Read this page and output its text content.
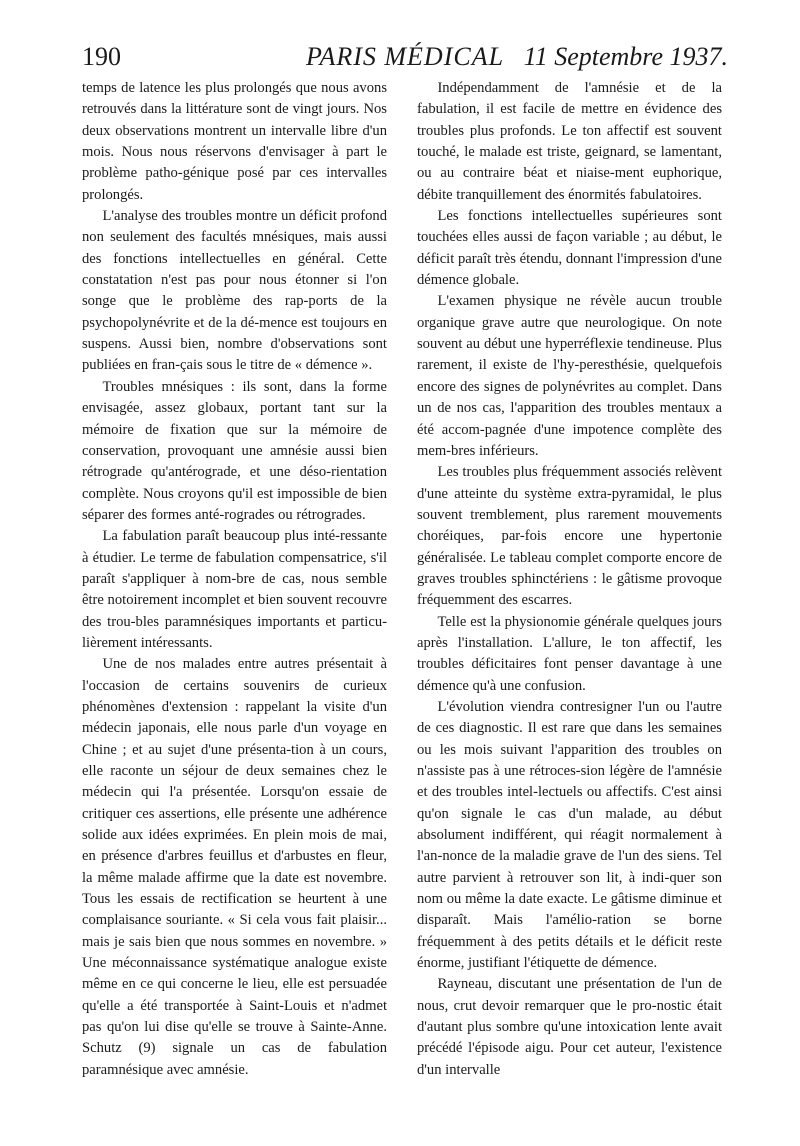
190	PARIS MÉDICAL 11 Septembre 1937.

temps de latence les plus prolongés que nous avons retrouvés dans la littérature sont de vingt jours. Nos deux observations montrent un intervalle libre d'un mois. Nous nous réservons d'envisager à part le problème patho-génique posé par ces intervalles prolongés.

L'analyse des troubles montre un déficit profond non seulement des facultés mnésiques, mais aussi des fonctions intellectuelles en général. Cette constatation n'est pas pour nous étonner si l'on songe que le problème des rap-ports de la psychopolynévrite et de la dé-mence est toujours en suspens. Aussi bien, nombre d'observations sont publiées en fran-çais sous le titre de « démence ».

Troubles mnésiques : ils sont, dans la forme envisagée, assez globaux, portant tant sur la mémoire de fixation que sur la mémoire de conservation, provoquant une amnésie aussi bien rétrograde qu'antérograde, et une déso-rientation complète. Nous croyons qu'il est impossible de bien séparer des formes anté-rogrades ou rétrogrades.

La fabulation paraît beaucoup plus inté-ressante à étudier. Le terme de fabulation compensatrice, s'il paraît s'appliquer à nom-bre de cas, nous semble être notoirement incomplet et bien souvent recouvre des trou-bles paramnésiques importants et particu-lièrement intéressants.

Une de nos malades entre autres présentait à l'occasion de certains souvenirs de curieux phénomènes d'extension : rappelant la visite d'un médecin japonais, elle nous parle d'un voyage en Chine ; et au sujet d'une présenta-tion à un cours, elle raconte un séjour de deux semaines chez le médecin qui l'a présentée. Lorsqu'on essaie de critiquer ces assertions, elle présente une adhérence solide aux idées exprimées. En plein mois de mai, en présence d'arbres feuillus et d'arbustes en fleur, la même malade affirme que la date est novembre. Tous les essais de rectification se heurtent à une complaisance souriante. « Si cela vous fait plaisir... mais je sais bien que nous sommes en novembre. » Une méconnaissance systématique analogue existe même en ce qui concerne le lieu, elle est persuadée qu'elle a été transportée à Saint-Louis et n'admet pas qu'on lui dise qu'elle se trouve à Sainte-Anne. Schutz (9) signale un cas de fabulation paramnésique avec amnésie.

Indépendamment de l'amnésie et de la fabulation, il est facile de mettre en évidence des troubles plus profonds. Le ton affectif est souvent touché, le malade est triste, geignard, se lamentant, ou au contraire béat et niaise-ment euphorique, débite tranquillement des énormités fabulatoires.

Les fonctions intellectuelles supérieures sont touchées elles aussi de façon variable ; au début, le déficit paraît très étendu, donnant l'impression d'une démence globale.

L'examen physique ne révèle aucun trouble organique grave autre que neurologique. On note souvent au début une hyperréflexie tendineuse. Plus rarement, il existe de l'hy-peresthésie, quelquefois encore des signes de polynévrites au complet. Dans un de nos cas, l'apparition des troubles mentaux a été accom-pagnée d'une impotence complète des mem-bres inférieurs.

Les troubles plus fréquemment associés relèvent d'une atteinte du système extra-pyramidal, le plus souvent tremblement, plus rarement mouvements choréiques, par-fois encore une hypertonie généralisée. Le tableau complet comporte encore de graves troubles sphinctériens : le gâtisme provoque fréquemment des escarres.

Telle est la physionomie générale quelques jours après l'installation. L'allure, le ton affectif, les troubles déficitaires font penser davantage à une démence qu'à une confusion.

L'évolution viendra contresigner l'un ou l'autre de ces diagnostic. Il est rare que dans les semaines ou les mois suivant l'apparition des troubles on n'assiste pas à une rétroces-sion légère de l'amnésie et des troubles intel-lectuels ou affectifs. C'est ainsi qu'on signale le cas d'un malade, au début absolument indifférent, qui réagit normalement à l'an-nonce de la maladie grave de l'un des siens. Tel autre parvient à retrouver son lit, à indi-quer son nom ou même la date exacte. Le gâtisme diminue et disparaît. Mais l'amélio-ration se borne fréquemment à des petits détails et le déficit reste énorme, justifiant l'étiquette de démence.

Rayneau, discutant une présentation de l'un de nous, crut devoir remarquer que le pro-nostic était d'autant plus sombre qu'une intoxication lente avait précédé l'épisode aigu. Pour cet auteur, l'existence d'un intervalle
